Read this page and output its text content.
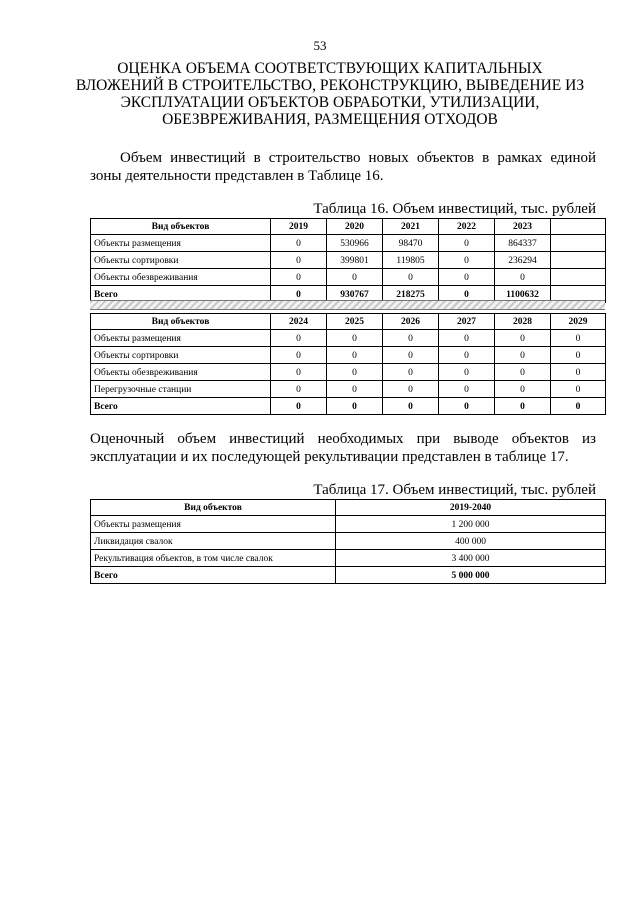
53
ОЦЕНКА ОБЪЕМА СООТВЕТСТВУЮЩИХ КАПИТАЛЬНЫХ
ВЛОЖЕНИЙ В СТРОИТЕЛЬСТВО, РЕКОНСТРУКЦИЮ, ВЫВЕДЕНИЕ ИЗ
ЭКСПЛУАТАЦИИ ОБЪЕКТОВ ОБРАБОТКИ, УТИЛИЗАЦИИ,
ОБЕЗВРЕЖИВАНИЯ, РАЗМЕЩЕНИЯ ОТХОДОВ
Объем инвестиций в строительство новых объектов в рамках единой
зоны деятельности представлен в Таблице 16.
Таблица 16. Объем инвестиций, тыс. рублей
Вид объектов	2019	2020	2021	2022	2023	
Объекты размещения	0	530966	98470	0	864337	
Объекты сортировки	0	399801	119805	0	236294	
Объекты обезвреживания	0	0	0	0	0	
Всего	0	930767	218275	0	1100632	
Вид объектов	2024	2025	2026	2027	2028	2029
Объекты размещения	0	0	0	0	0	0
Объекты сортировки	0	0	0	0	0	0
Объекты обезвреживания	0	0	0	0	0	0
Перегрузочные станции	0	0	0	0	0	0
Всего	0	0	0	0	0	0
Оценочный объем инвестиций необходимых при выводе объектов из
эксплуатации и их последующей рекультивации представлен в таблице 17.
Таблица 17. Объем инвестиций, тыс. рублей
Вид объектов	2019-2040
Объекты размещения	1 200 000
Ликвидация свалок	400 000
Рекультивация объектов, в том числе свалок	3 400 000
Всего	5 000 000
